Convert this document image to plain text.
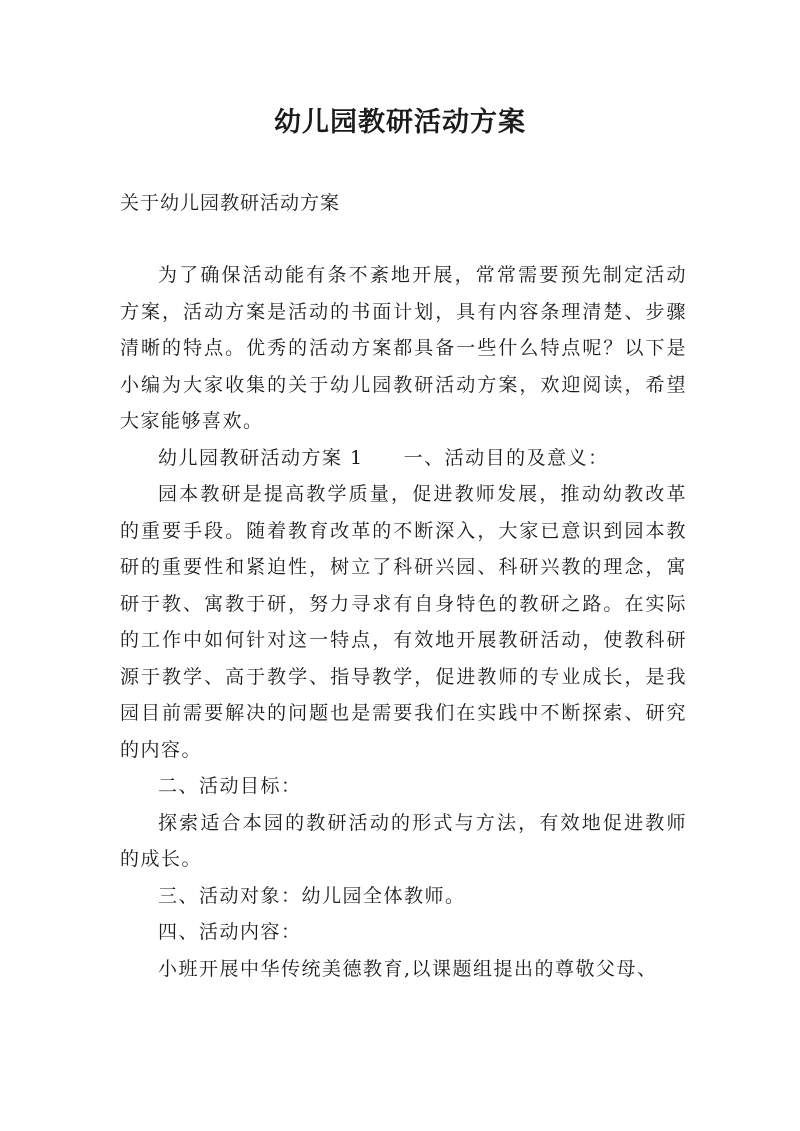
幼儿园教研活动方案

关于幼儿园教研活动方案

为了确保活动能有条不紊地开展，常常需要预先制定活动方案，活动方案是活动的书面计划，具有内容条理清楚、步骤清晰的特点。优秀的活动方案都具备一些什么特点呢？以下是小编为大家收集的关于幼儿园教研活动方案，欢迎阅读，希望大家能够喜欢。

幼儿园教研活动方案 1 一、活动目的及意义：

园本教研是提高教学质量，促进教师发展，推动幼教改革的重要手段。随着教育改革的不断深入，大家已意识到园本教研的重要性和紧迫性，树立了科研兴园、科研兴教的理念，寓研于教、寓教于研，努力寻求有自身特色的教研之路。在实际的工作中如何针对这一特点，有效地开展教研活动，使教科研源于教学、高于教学、指导教学，促进教师的专业成长，是我园目前需要解决的问题也是需要我们在实践中不断探索、研究的内容。

二、活动目标：

探索适合本园的教研活动的形式与方法，有效地促进教师的成长。

三、活动对象：幼儿园全体教师。

四、活动内容：

小班开展中华传统美德教育,以课题组提出的尊敬父母、
